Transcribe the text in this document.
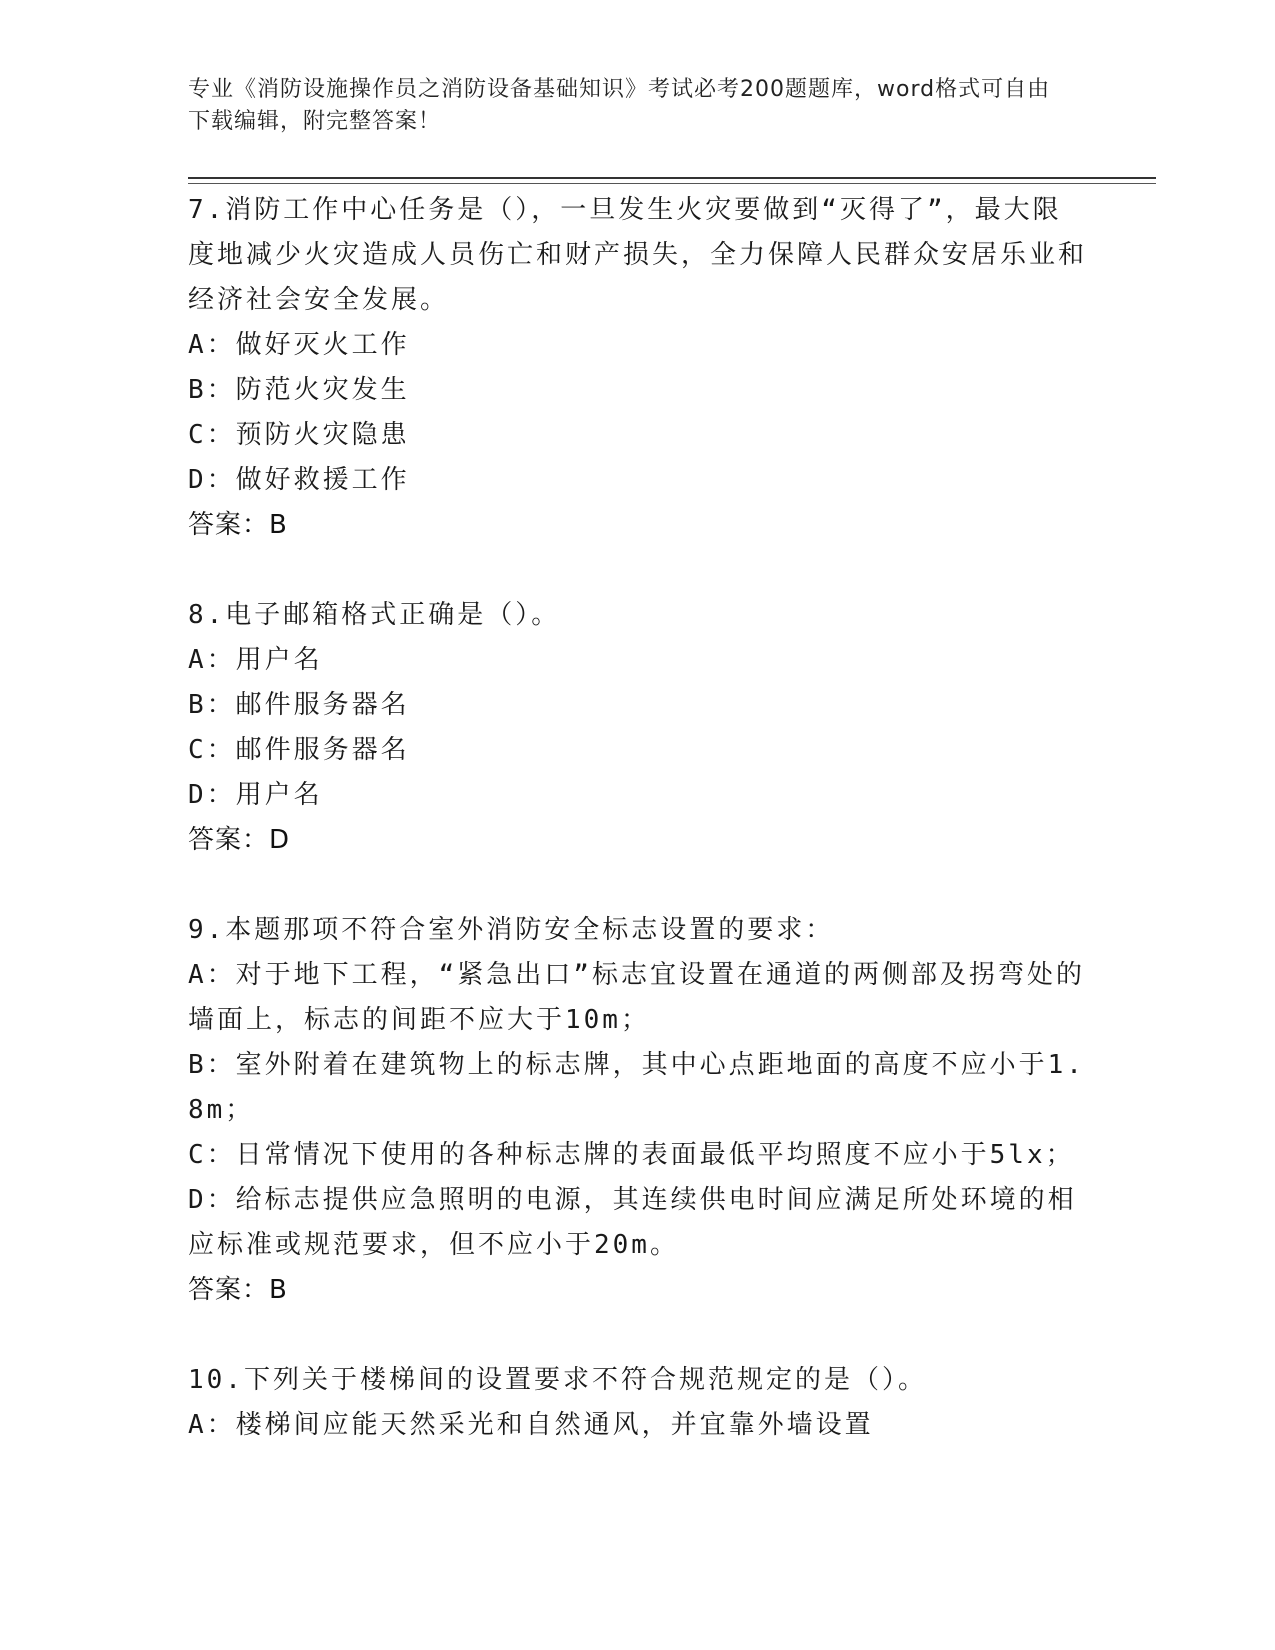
专业《消防设施操作员之消防设备基础知识》考试必考200题题库，word格式可自由下载编辑，附完整答案！
7.消防工作中心任务是（），一旦发生火灾要做到“灭得了”，最大限度地减少火灾造成人员伤亡和财产损失，全力保障人民群众安居乐业和经济社会安全发展。
A：做好灭火工作
B：防范火灾发生
C：预防火灾隐患
D：做好救援工作
答案：B
8.电子邮箱格式正确是（）。
A：用户名
B：邮件服务器名
C：邮件服务器名
D：用户名
答案：D
9.本题那项不符合室外消防安全标志设置的要求：
A：对于地下工程，“紧急出口”标志宜设置在通道的两侧部及拐弯处的墙面上，标志的间距不应大于10m；
B：室外附着在建筑物上的标志牌，其中心点距地面的高度不应小于1.8m；
C：日常情况下使用的各种标志牌的表面最低平均照度不应小于5lx；
D：给标志提供应急照明的电源，其连续供电时间应满足所处环境的相应标准或规范要求，但不应小于20m。
答案：B
10.下列关于楼梯间的设置要求不符合规范规定的是（）。
A：楼梯间应能天然采光和自然通风，并宜靠外墙设置
